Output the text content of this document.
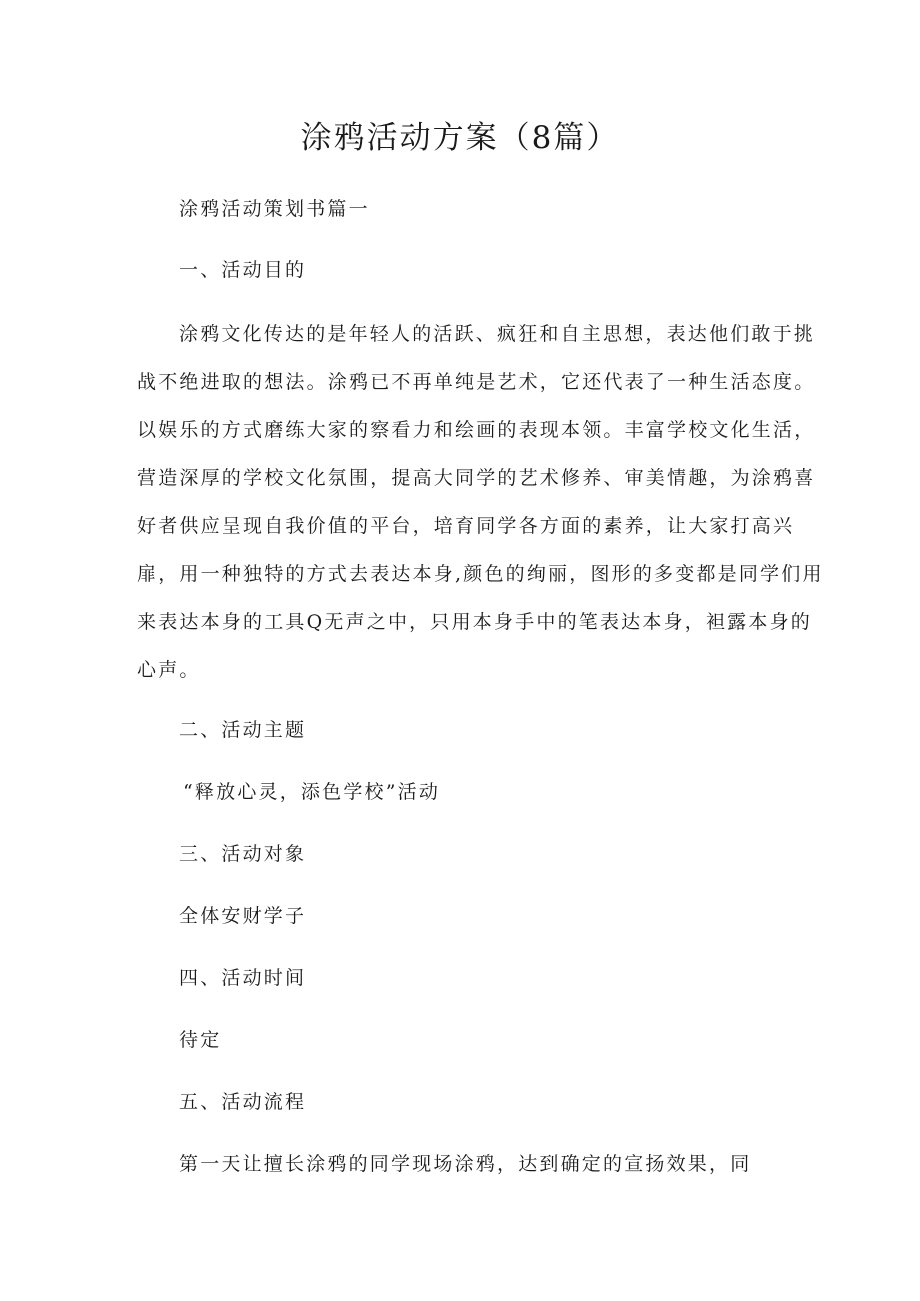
涂鸦活动方案（8篇）

涂鸦活动策划书篇一

一、活动目的

涂鸦文化传达的是年轻人的活跃、疯狂和自主思想，表达他们敢于挑
战不绝进取的想法。涂鸦已不再单纯是艺术，它还代表了一种生活态度。
以娱乐的方式磨练大家的察看力和绘画的表现本领。丰富学校文化生活，
营造深厚的学校文化氛围，提高大同学的艺术修养、审美情趣，为涂鸦喜
好者供应呈现自我价值的平台，培育同学各方面的素养，让大家打高兴
扉，用一种独特的方式去表达本身,颜色的绚丽，图形的多变都是同学们用
来表达本身的工具Q无声之中，只用本身手中的笔表达本身，袒露本身的
心声。

二、活动主题

“释放心灵，添色学校”活动

三、活动对象

全体安财学子

四、活动时间

待定

五、活动流程

第一天让擅长涂鸦的同学现场涂鸦，达到确定的宣扬效果，同
